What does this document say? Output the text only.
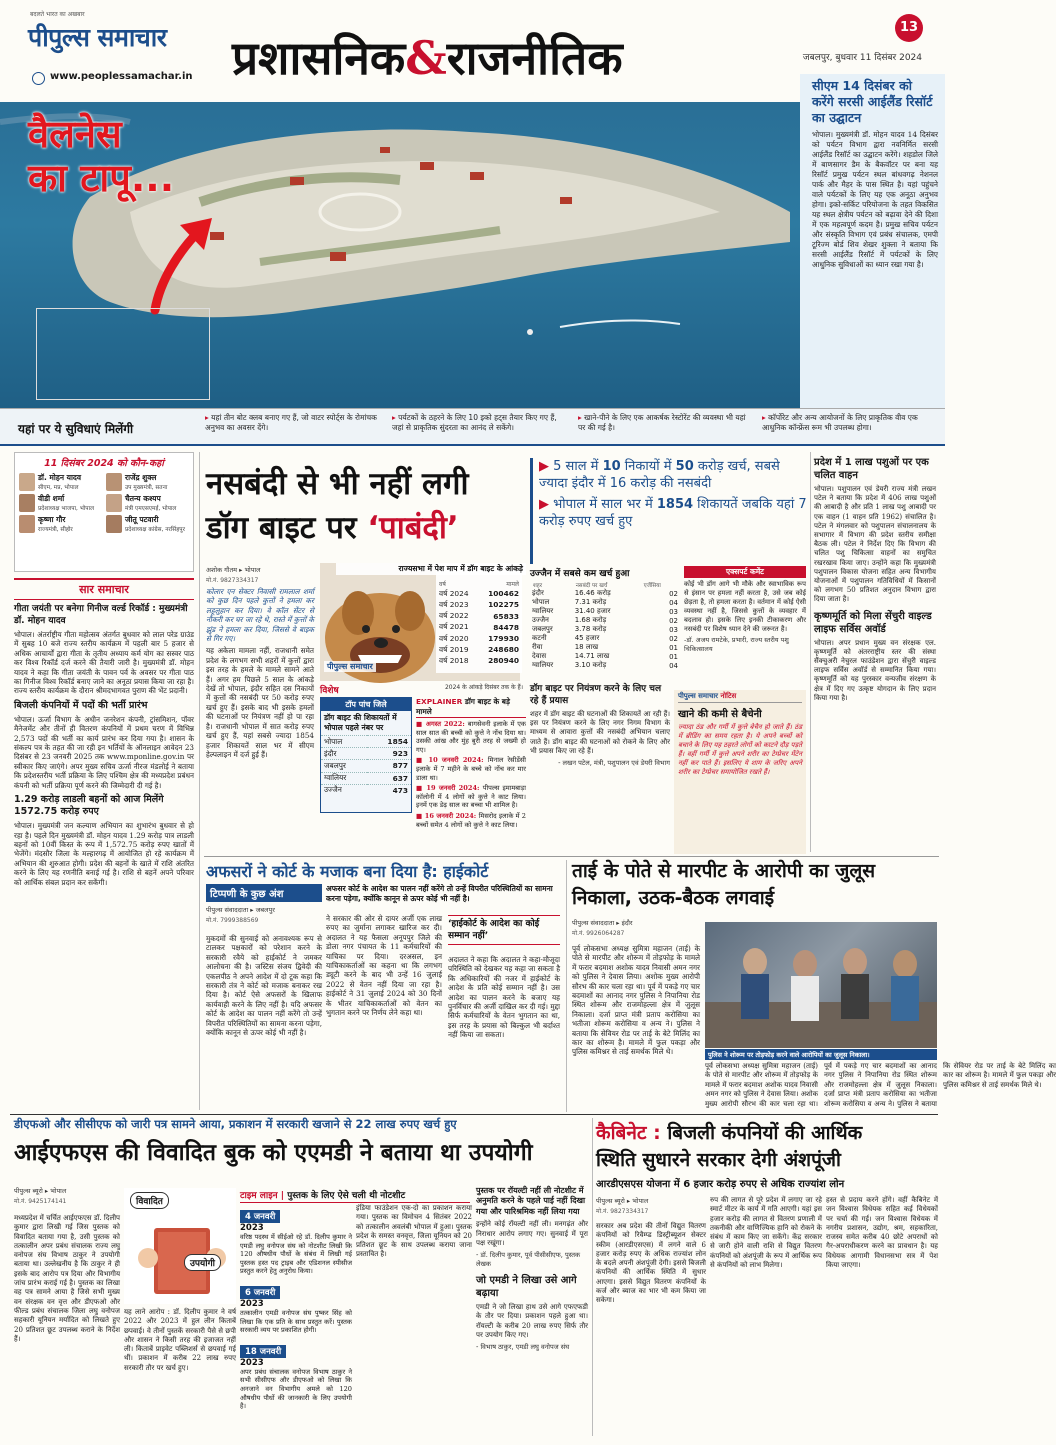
बदलते भारत का अखबार
पीपुल्स समाचार
www.peoplessamachar.in प्रशासनिक&राजनीतिक
13
जबलपुर, बुधवार 11 दिसंबर 2024
वैलनेस
का टापू...
सीएम 14 दिसंबर को करेंगे सरसी आईलैंड रिसॉर्ट का उद्घाटन
भोपाल। मुख्यमंत्री डॉ. मोहन यादव 14 दिसंबर को पर्यटन विभाग द्वारा नवनिर्मित सरसी आईलैंड रिसॉर्ट का उद्घाटन करेंगे। शहडोल जिले में बाणसागर डैम के बैकवॉटर पर बना यह रिसॉर्ट प्रमुख पर्यटन स्थल बांधवगढ़ नेशनल पार्क और मैहर के पास स्थित है। यहां पहुंचने वाले पर्यटकों के लिए यह एक अनूठा अनुभव होगा। इको-सर्किट परियोजना के तहत विकसित यह स्थल क्षेत्रीय पर्यटन को बढ़ावा देने की दिशा में एक महत्वपूर्ण कदम है। प्रमुख सचिव पर्यटन और संस्कृति विभाग एवं प्रबंध संचालक, एमपी टूरिज्म बोर्ड शिव शेखर शुक्ला ने बताया कि सरसी आईलैंड रिसॉर्ट में पर्यटकों के लिए आधुनिक सुविधाओं का ध्यान रखा गया है।
यहां पर ये सुविधाएं मिलेंगी
▸ यहां तीन बोट क्लब बनाए गए हैं, जो वाटर स्पोर्ट्स के रोमांचक अनुभव का अवसर देंगे।
▸ पर्यटकों के ठहरने के लिए 10 इको हट्स तैयार किए गए हैं, जहां से प्राकृतिक सुंदरता का आनंद ले सकेंगे।
▸ खाने-पीने के लिए एक आकर्षक रेस्टोरेंट की व्यवस्था भी यहां पर की गई है।
▸ कॉर्पोरेट और अन्य आयोजनों के लिए प्राकृतिक वीव एक आधुनिक कॉन्फ्रेंस रूम भी उपलब्ध होगा।
11 दिसंबर 2024 को कौन-कहां
डॉ. मोहन यादव
सीएम, मप्र, भोपाल
राजेंद्र शुक्ल
उप मुख्यमंत्री, सतना
वीडी शर्मा
प्रदेशाध्यक्ष भाजपा, भोपाल
चैतन्य कश्यप
मंत्री एमएसएमई, भोपाल
कृष्णा गौर
राज्यमंत्री, सीहोर
जीतू पटवारी
प्रदेशाध्यक्ष कांग्रेस, नरसिंहपुर
सार समाचार
गीता जयंती पर बनेगा गिनीज वर्ल्ड रिकॉर्ड : मुख्यमंत्री डॉ. मोहन यादव
भोपाल। अंतर्राष्ट्रीय गीता महोत्सव अंतर्गत बुधवार को लाल परेड ग्राउंड में सुबह 10 बजे राज्य स्तरीय कार्यक्रम में पहली बार 5 हजार से अधिक आचार्यों द्वारा गीता के तृतीय अध्याय कर्म योग का सस्वर पाठ कर विश्व रिकॉर्ड दर्ज करने की तैयारी जारी है। मुख्यमंत्री डॉ. मोहन यादव ने कहा कि गीता जयंती के पावन पर्व के अवसर पर गीता पाठ का गिनीज विश्व रिकॉर्ड बनाए जाने का अनूठा प्रयास किया जा रहा है। राज्य स्तरीय कार्यक्रम के दौरान श्रीमदभागवत पुराण की भेंट प्रदानी।
बिजली कंपनियों में पदों की भर्ती प्रारंभ
भोपाल। ऊर्जा विभाग के अधीन जनरेशन कंपनी, ट्रांसमिशन, पॉवर मैनेजमेंट और तीनों ही वितरण कंपनियों में प्रथम चरण में विभिन्न 2,573 पदों की भर्ती का कार्य प्रारंभ कर दिया गया है। शासन के संकल्प पत्र के तहत की जा रही इन भर्तियों के ऑनलाइन आवेदन 23 दिसंबर से 23 जनवरी 2025 तक www.mponline.gov.in पर स्वीकार किए जाएंगे। अपर मुख्य सचिव ऊर्जा नीरज मंडलोई ने बताया कि प्रदेशस्तरीय भर्ती प्रक्रिया के लिए पश्चिम क्षेत्र की मध्यप्रदेश प्रबंधन कंपनी को भर्ती प्रक्रिया पूर्ण करने की जिम्मेदारी दी गई है।
1.29 करोड़ लाडली बहनों को आज मिलेंगे 1572.75 करोड़ रुपए
भोपाल। मुख्यमंत्री जन कल्याण अभियान का शुभारंभ बुधवार से हो रहा है। पहले दिन मुख्यमंत्री डॉ. मोहन यादव 1.29 करोड़ पात्र लाडली बहनों को 10वीं किस्त के रूप में 1,572.75 करोड़ रुपए खातों में भेजेंगे। मंदसौर जिला के मल्हारगढ़ में आयोजित हो रहे कार्यक्रम में अभियान की शुरुआत होगी। प्रदेश की बहनों के खाते में राशि अंतरित करने के लिए यह रणनीति बनाई गई है। राशि से बहनें अपने परिवार को आर्थिक संबल प्रदान कर सकेंगी।
नसबंदी से भी नहीं लगी
डॉग बाइट पर ‘पाबंदी’
▶ 5 साल में 10 निकायों में 50 करोड़ खर्च, सबसे ज्यादा इंदौर में 16 करोड़ की नसबंदी
▶ भोपाल में साल भर में 1854 शिकायतें जबकि यहां 7 करोड़ रुपए खर्च हुए
अशोक गौतम ▸ भोपाल
मो.नं. 9827334317
कोलार एन सेक्टर निवासी रामलाल शर्मा को कुछ दिन पहले कुत्तों ने हमला कर लहूलुहान कर दिया। वे कॉल सेंटर से नौकरी कर घर जा रहे थे, रास्ते में कुत्तों के झुंड ने हमला कर दिया, जिससे वे बाइक से गिर गए।
यह अकेला मामला नहीं, राजधानी समेत प्रदेश के लगभग सभी शहरों में कुत्तों द्वारा इस तरह के हमले के मामले सामने आते हैं। अगर हम पिछले 5 साल के आंकड़े देखें तो भोपाल, इंदौर सहित दस निकायों में कुत्तों की नसबंदी पर 50 करोड़ रुपए खर्च हुए हैं। इसके बाद भी इसके हमलों की घटनाओं पर नियंत्रण नहीं हो पा रहा है। राजधानी भोपाल में सात करोड़ रुपए खर्च हुए हैं, यहां सबसे ज्यादा 1854 हजार शिकायतें साल भर में सीएम हेल्पलाइन में दर्ज हुई हैं।
पीपुल्स समाचार
विशेष
राज्यसभा में पेश माप में डॉग बाइट के आंकड़े
वर्ष	मामले
वर्ष 2024	100462
वर्ष 2023	102275
वर्ष 2022	65833
वर्ष 2021	84478
वर्ष 2020	179930
वर्ष 2019	248680
वर्ष 2018	280940
2024 के आंकड़े दिसंबर तक के हैं।
टॉप पांच जिले
डॉग बाइट की शिकायतों में भोपाल पहले नंबर पर
भोपाल	1854
इंदौर	923
जबलपुर	877
ग्वालियर	637
उज्जैन	473
EXPLAINER डॉग बाइट के बड़े मामले
■ अगस्त 2022: बागसेवनी इलाके में एक साल सात की बच्ची को कुत्ते ने नोंच दिया था। उसकी आंख और मुंह बुरी तरह से जख्मी हो गए।
■ 10 जनवरी 2024: मिनाल रेसीडेंसी इलाके में 7 महीने के बच्चे को नोंच कर मार डाला था।
■ 19 जनवरी 2024: पीपल्स इमामबाड़ा कॉलोनी में 4 लोगों को कुत्ते ने काट लिया। इनमें एक डेढ़ साल का बच्चा भी शामिल है।
■ 16 जनवरी 2024: मिसरोद इलाके में 2 बच्चों समेत 4 लोगों को कुत्ते ने काट लिया।
उज्जैन में सबसे कम खर्च हुआ
शहर	नसबंदी पर खर्च	एजेंसिया
इंदौर	16.46 करोड़	02
भोपाल	7.31 करोड़	04
ग्वालियर	31.40 हजार	03
उज्जैन	1.68 करोड़	02
जबलपुर	3.78 करोड़	03
कटनी	45 हजार	02
रीवा	18 लाख	01
देवास	14.71 लाख	01
ग्वालियर	3.10 करोड़	04
एक्सपर्ट कमेंट
कोई भी डॉग आगे भी मौके और स्वाभाविक रूप से इंसान पर हमला नहीं करता है, उसे जब कोई छेड़ता है, तो हमला करता है। वर्तमान में कोई ऐसी व्यवस्था नहीं है, जिससे कुत्तों के व्यवहार में बदलाव हो। इसके लिए इनकी टीकाकरण और नसबंदी पर विशेष ध्यान देने की जरूरत है।
-डॉ. अजय रामटेके, प्रभारी, राज्य स्तरीय पशु चिकित्सालय
डॉग बाइट पर नियंत्रण करने के लिए चल रहे हैं प्रयास
शहर में डॉग बाइट की घटनाओं की शिकायतें आ रही हैं। इस पर नियंत्रण करने के लिए नगर निगम विभाग के माध्यम से आवारा कुत्तों की नसबंदी अभियान चलाए जाते हैं। डॉग बाइट की घटनाओं को रोकने के लिए और भी प्रयास किए जा रहे हैं।
- लखन पटेल, मंत्री, पशुपालन एवं डेयरी विभाग
पीपुल्स समाचार नोटिस
खाने की कमी से बैचेनी
ज्यादा ठंड और गर्मी में कुत्ते बेचैन हो जाते हैं। ठंड में ब्रीडिंग का समय रहता है। ये अपने बच्चों को बचाने के लिए यह ठहरते लोगों को काटने दौड़ पड़ते हैं। वहीं गर्मी में कुत्ते अपने शरीर का टेम्प्रेचर मेंटेन नहीं कर पाते हैं। इसलिए ये शाम के जरिए अपने शरीर का टेम्प्रेचर समायोजित रखते हैं।
प्रदेश में 1 लाख पशुओं पर एक चलित वाहन
भोपाल। पशुपालन एवं डेयरी राज्य मंत्री लखन पटेल ने बताया कि प्रदेश में 406 लाख पशुओं की आबादी है और प्रति 1 लाख पशु आबादी पर एक वाहन (1 वाहन प्रति 1962) संचालित है। पटेल ने मंगलवार को पशुपालन संचालनालय के सभागार में विभाग की प्रदेश स्तरीय समीक्षा बैठक ली। पटेल ने निर्देश दिए कि विभाग की चलित पशु चिकित्सा वाहनों का समुचित रखरखाव किया जाए। उन्होंने कहा कि मुख्यमंत्री पशुपालन विकास योजना सहित अन्य विभागीय योजनाओं में पशुपालन गतिविधियों में किसानों को लगभग 50 प्रतिशत अनुदान विभाग द्वारा दिया जाता है।
कृष्णमूर्ति को मिला सेंचुरी वाइल्ड लाइफ सर्विस अवॉर्ड
भोपाल। अपर प्रधान मुख्य वन संरक्षक एल. कृष्णमूर्ति को अंतरराष्ट्रीय स्तर की संस्था सैंक्चुअरी नेचुरल फाउंडेशन द्वारा सेंचुरी वाइल्ड लाइफ सर्विस अवॉर्ड से सम्मानित किया गया। कृष्णमूर्ति को यह पुरस्कार वन्यजीव संरक्षण के क्षेत्र में दिए गए उत्कृष्ट योगदान के लिए प्रदान किया गया है।
अफसरों ने कोर्ट के मजाक बना दिया है: हाईकोर्ट
टिप्पणी के कुछ अंश
पीपुल्स संवाददाता ▸ जबलपुर
मो.नं. 7999388569
अफसर कोर्ट के आदेश का पालन नहीं करेंगे तो उन्हें विपरीत परिस्थितियों का सामना करना पड़ेगा, क्योंकि कानून से ऊपर कोई भी नहीं है।
मुकदमों की सुनवाई को अनावश्यक रूप से टालकर पक्षकारों को परेशान करने के सरकारी रवैये को हाईकोर्ट ने जमकर आलोचना की है। जस्टिस संजय द्विवेदी की एकलपीठ ने अपने आदेश में दो टूक कहा कि सरकारी तंत्र ने कोर्ट को मजाक बनाकर रख दिया है। कोर्ट ऐसे अफसरों के खिलाफ कार्यवाही करने के लिए नहीं है। यदि अफसर कोर्ट के आदेश का पालन नहीं करेंगे तो उन्हें विपरीत परिस्थितियों का सामना करना पड़ेगा, क्योंकि कानून से ऊपर कोई भी नहीं है।
ने सरकार की ओर से दायर अर्जी एक लाख रुपए का जुर्माना लगाकर खारिज कर दी। अदालत ने यह फैसला अनूपपुर जिले की डोला नगर पंचायत के 11 कर्मचारियों की याचिका पर दिया। दरअसल, इन याचिकाकर्ताओं का कहना था कि लगभग ड्यूटी करने के बाद भी उन्हें 16 जुलाई 2022 से वेतन नहीं दिया जा रहा है। हाईकोर्ट ने 31 जुलाई 2024 को 30 दिनों के भीतर याचिकाकर्ताओं को वेतन का भुगतान करने पर निर्णय लेने कहा था।
‘हाईकोर्ट के आदेश का कोई सम्मान नहीं’
अदालत ने कहा कि अदालत ने कहा-मौजूदा परिस्थिति को देखकर यह कहा जा सकता है कि अधिकारियों की नजर में हाईकोर्ट के आदेश के प्रति कोई सम्मान नहीं है। उस आदेश का पालन करने के बजाए यह पुनर्विचार की अर्जी दाखिल कर दी गई। मुद्दा सिर्फ कर्मचारियों के वेतन भुगतान का था, इस तरह के प्रयास को बिल्कुल भी बर्दाश्त नहीं किया जा सकता।
ताई के पोते से मारपीट के आरोपी का जुलूस निकाला, उठक-बैठक लगवाई
पीपुल्स संवाददाता ▸ इंदौर
मो.नं. 9926064287
पुलिस ने शोरूम पर तोड़फोड़ करने वाले आरोपियों का जुलूस निकाला।
पूर्व लोकसभा अध्यक्ष सुमित्रा महाजन (ताई) के पोते से मारपीट और शोरूम में तोड़फोड़ के मामले में फरार बदमाश अशोक यादव निवासी अमन नगर को पुलिस ने देवास लिया। अशोक मुख्य आरोपी सौरभ की कार चला रहा था। पूर्व में पकड़े गए चार बदमाशों का आनाद नगर पुलिस ने निपानिया रोड स्थित शोरूम और राजमोहल्ला क्षेत्र में जुलूस निकाला। दर्जा प्राप्त मंत्री प्रताप करोसिया का भतीजा शोरूम करोसिया व अन्य ने। पुलिस ने बताया कि सेवियर रोड पर ताई के बेटे मिलिंद का कार का शोरूम है। मामले में फुल पकड़ा और पुलिस कमिश्नर से ताई समर्थक मिले थे।
पूर्व लोकसभा अध्यक्ष सुमित्रा महाजन (ताई) के पोते से मारपीट और शोरूम में तोड़फोड़ के मामले में फरार बदमाश अशोक यादव निवासी अमन नगर को पुलिस ने देवास लिया। अशोक मुख्य आरोपी सौरभ की कार चला रहा था। पूर्व में पकड़े गए चार बदमाशों का आनाद नगर पुलिस ने निपानिया रोड स्थित शोरूम और राजमोहल्ला क्षेत्र में जुलूस निकाला। दर्जा प्राप्त मंत्री प्रताप करोसिया का भतीजा शोरूम करोसिया व अन्य ने। पुलिस ने बताया कि सेवियर रोड पर ताई के बेटे मिलिंद का कार का शोरूम है। मामले में फुल पकड़ा और पुलिस कमिश्नर से ताई समर्थक मिले थे।
डीएफओ और सीसीएफ को जारी पत्र सामने आया, प्रकाशन में सरकारी खजाने से 22 लाख रुपए खर्च हुए
आईएफएस की विवादित बुक को एएमडी ने बताया था उपयोगी
पीपुल्स ब्यूरो ▸ भोपाल
मो.नं. 9425174141
मध्यप्रदेश में चर्चित आईएफएस डॉ. दिलीप कुमार द्वारा लिखी गई जिस पुस्तक को विवादित बताया गया है, उसी पुस्तक को तत्कालीन अपर प्रबंध संचालक राज्य लघु वनोपज संघ विभाष ठाकुर ने उपयोगी बताया था। उल्लेखनीय है कि ठाकुर ने ही इसके बाद आरोप पत्र दिया और विभागीय जांच प्रारंभ कराई गई है। पुस्तक का लिखा वह पत्र सामने आया है जिसे सभी मुख्य वन संरक्षक वन वृत्त और डीएफओ और फील्ड प्रबंध संचालक जिला लघु वनोपज सहकारी यूनियन मर्यादित को लिखते हुए 20 प्रतिशत छूट उपलब्ध कराने के निर्देश हैं।
विवादित
उपयोगी
यह लाने आरोप : डॉ. दिलीप कुमार ने वर्ष 2022 और 2023 में हुल लीन किताबें छपवाई। वे तीनों पुस्तकें सरकारी पैसे से छपी और शासन ने किसी तरह की इजाजत नहीं ली। किताबें प्राइवेट पब्लिशर्स से छपवाई गई थीं। प्रकाशन में करीब 22 लाख रुपए सरकारी तौर पर खर्च हुए।
टाइम लाइन | पुस्तक के लिए ऐसे चली थी नोटशीट
4 जनवरी
2023
वरिष्ठ पदस्थ में सीईओ रहे डॉ. दिलीप कुमार ने एमडी लघु वनोपज संघ को नोटशीट लिखी कि 120 औषधीय पौधों के संबंध में लिखी गई पुस्तक हस्त पद ट्राइब और एडिशनल स्पीसीज प्रस्तुत करने हेतु अनुरोध किया।
6 जनवरी
2023
तत्कालीन एमडी वनोपज संघ पुष्कर सिंह को लिखा कि एक प्रति के साथ प्रस्तुत करें। पुस्तक सरकारी व्यय पर प्रकाशित होगी।
18 जनवरी
2023
अपर प्रबंध संचालक वनोपज विभाष ठाकुर ने सभी सीसीएफ और डीएफओ को लिखा कि अनजाने वन विभागीय अमले को 120 औषधीय पौधों की जानकारी के लिए उपयोगी है।
इंडिया फाउंडेशन एक-दो का प्रकाशन कराया गया। पुस्तक का विमोचन 4 सितंबर 2022 को तत्कालीन अवलंबी भोपाल में हुआ। पुस्तक प्रदेश के समस्त वनवृत्त, जिला यूनियन को 20 प्रतिशत छूट के साथ उपलब्ध कराया जाना प्रस्तावित है।
पुस्तक पर रॉयल्टी नहीं ली नोटशीट में अनुमति करने के पहले पाई नहीं दिखा गया और पारिश्रमिक नहीं लिया गया
इन्होंने कोई रॉयल्टी नहीं ली। मनगढ़ंत और निराधार आरोप लगाए गए। सुनवाई में पूरा पक्ष रखूंगा।
- डॉ. दिलीप कुमार, पूर्व पीसीसीएफ, पुस्तक लेखक
जो एमडी ने लिखा उसे आगे बढ़ाया
एमडी ने जो लिखा हाथ उसे आगे एफएफडी के तौर पर दिया। प्रकाशन पहले हुआ था। रॉयल्टी के करीब 20 लाख रुपए सिर्फ तौर पर उपयोग किए गए।
- विभाष ठाकुर, एमडी लघु वनोपज संघ
कैबिनेट : बिजली कंपनियों की आर्थिक
स्थिति सुधारने सरकार देगी अंशपूंजी
आरडीएसएस योजना में 6 हजार करोड़ रुपए से अधिक राज्यांश लोन
पीपुल्स ब्यूरो ▸ भोपाल
मो.नं. 9827334317
सरकार अब प्रदेश की तीनों विद्युत वितरण कंपनियों को रिवैम्प्ड डिस्ट्रीब्यूशन सेक्टर स्कीम (आरडीएसएस) में लगने वाले 6 हजार करोड़ रुपए के अधिक राज्यांश लोन के बदले अपनी अंशपूंजी देगी। इससे बिजली कंपनियों की आर्थिक स्थिति में सुधार आएगा। इससे विद्युत वितरण कंपनियों के कर्ज और ब्याज का भार भी कम किया जा सकेगा।
रुप की लागत से पूरे प्रदेश में लगाए जा रहे स्मार्ट मीटर के कार्य में गति आएगी। यहां इस हजार करोड़ की लागत से वितरण प्रणाली में तकनीकी और वाणिज्यिक हानि को रोकने के संबंध में काम किए जा सकेंगे। केंद्र सरकार से जारी होने वाली राशि से विद्युत वितरण कंपनियों को अंशपूंजी के रूप में आर्थिक रूप से कंपनियों को लाभ मिलेगा।
हस्त से प्रदाय करने होंगे। वहीं कैबिनेट में जन विश्वास विधेयक सहित कई विधेयकों पर चर्चा की गई। जन विश्वास विधेयक में नगरीय प्रशासन, उद्योग, श्रम, सहकारिता, राजस्व समेत करीब 40 छोटे अपराधों को गैर-अपराधीकरण करने का प्रावधान है। यह विधेयक आगामी विधानसभा सत्र में पेश किया जाएगा।
